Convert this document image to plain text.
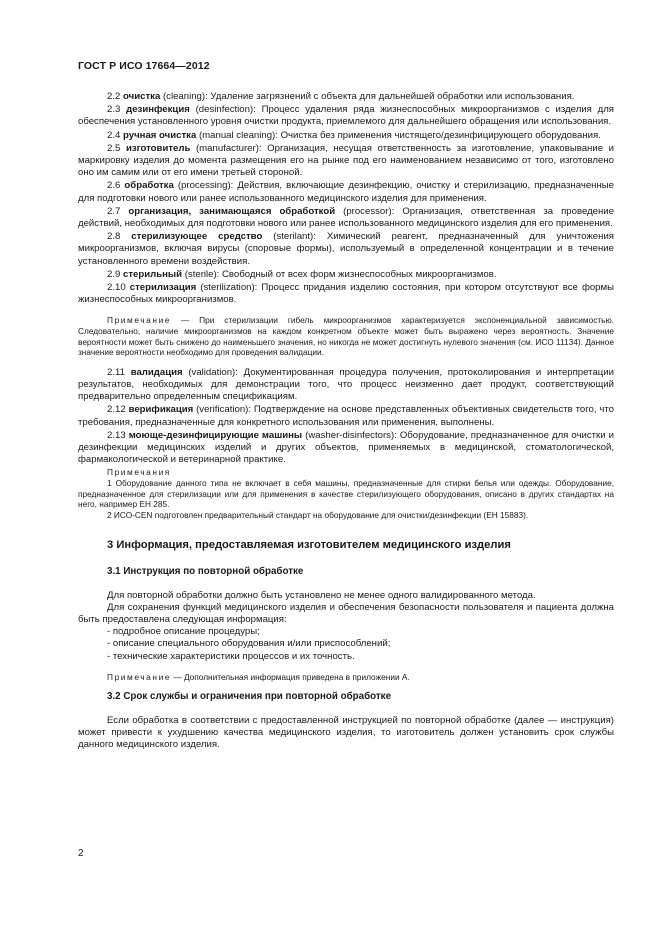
ГОСТ Р ИСО 17664—2012

2.2 очистка (cleaning): Удаление загрязнений с объекта для дальнейшей обработки или использования.

2.3 дезинфекция (desinfection): Процесс удаления ряда жизнеспособных микроорганизмов с изделия для обеспечения установленного уровня очистки продукта, приемлемого для дальнейшего обращения или использования.

2.4 ручная очистка (manual cleaning): Очистка без применения чистящего/дезинфицирующего оборудования.

2.5 изготовитель (manufacturer): Организация, несущая ответственность за изготовление, упаковывание и маркировку изделия до момента размещения его на рынке под его наименованием независимо от того, изготовлено оно им самим или от его имени третьей стороной.

2.6 обработка (processing): Действия, включающие дезинфекцию, очистку и стерилизацию, предназначенные для подготовки нового или ранее использованного медицинского изделия для применения.

2.7 организация, занимающаяся обработкой (processor): Организация, ответственная за проведение действий, необходимых для подготовки нового или ранее использованного медицинского изделия для его применения.

2.8 стерилизующее средство (sterilant): Химический реагент, предназначенный для уничтожения микроорганизмов, включая вирусы (споровые формы), используемый в определенной концентрации и в течение установленного времени воздействия.

2.9 стерильный (sterile): Свободный от всех форм жизнеспособных микроорганизмов.

2.10 стерилизация (sterilization): Процесс придания изделию состояния, при котором отсутствуют все формы жизнеспособных микроорганизмов.

Примечание — При стерилизации гибель микроорганизмов характеризуется экспоненциальной зависимостью. Следовательно, наличие микроорганизмов на каждом конкретном объекте может быть выражено через вероятность. Значение вероятности может быть снижено до наименьшего значения, но никогда не может достигнуть нулевого значения (см. ИСО 11134). Данное значение вероятности необходимо для проведения валидации.

2.11 валидация (validation): Документированная процедура получения, протоколирования и интерпретации результатов, необходимых для демонстрации того, что процесс неизменно дает продукт, соответствующий предварительно определенным спецификациям.

2.12 верификация (verification): Подтверждение на основе представленных объективных свидетельств того, что требования, предназначенные для конкретного использования или применения, выполнены.

2.13 моюще-дезинфицирующие машины (washer-disinfectors): Оборудование, предназначенное для очистки и дезинфекции медицинских изделий и других объектов, применяемых в медицинской, стоматологической, фармакологической и ветеринарной практике.

Примечания

1 Оборудование данного типа не включает в себя машины, предназначенные для стирки белья или одежды. Оборудование, предназначенное для стерилизации или для применения в качестве стерилизующего оборудования, описано в других стандартах на него, например ЕН 285.

2 ИСО-CEN подготовлен предварительный стандарт на оборудование для очистки/дезинфекции (ЕН 15883).

3 Информация, предоставляемая изготовителем медицинского изделия

3.1 Инструкция по повторной обработке

Для повторной обработки должно быть установлено не менее одного валидированного метода.

Для сохранения функций медицинского изделия и обеспечения безопасности пользователя и пациента должна быть предоставлена следующая информация:

- подробное описание процедуры;

- описание специального оборудования и/или приспособлений;

- технические характеристики процессов и их точность.

Примечание — Дополнительная информация приведена в приложении А.

3.2 Срок службы и ограничения при повторной обработке

Если обработка в соответствии с предоставленной инструкцией по повторной обработке (далее — инструкция) может привести к ухудшению качества медицинского изделия, то изготовитель должен установить срок службы данного медицинского изделия.

2
